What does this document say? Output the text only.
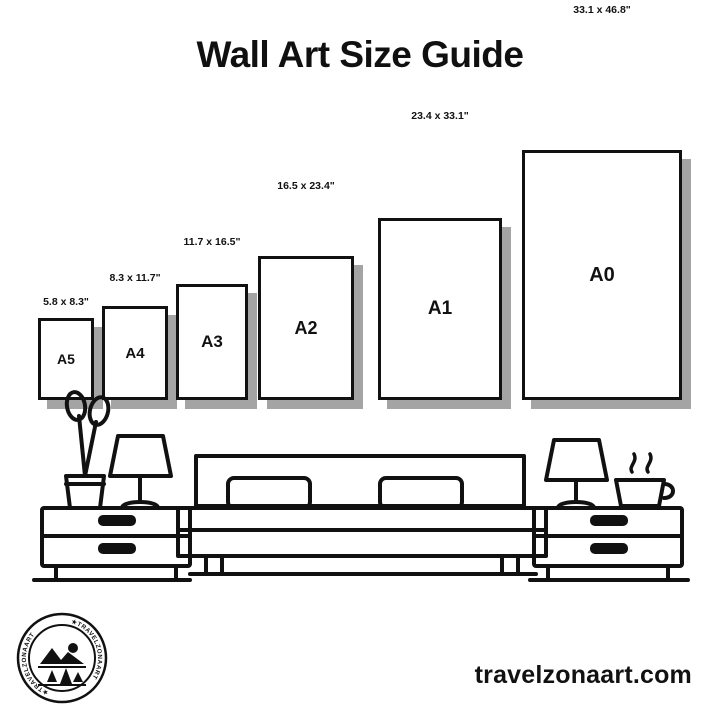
Wall Art Size Guide
5.8 x 8.3"
A5
8.3 x 11.7"
A4
11.7 x 16.5"
A3
16.5 x 23.4"
A2
23.4 x 33.1"
A1
33.1 x 46.8"
A0
★TRAVELZONAART
★TRAVELZONAART
travelzonaart.com
